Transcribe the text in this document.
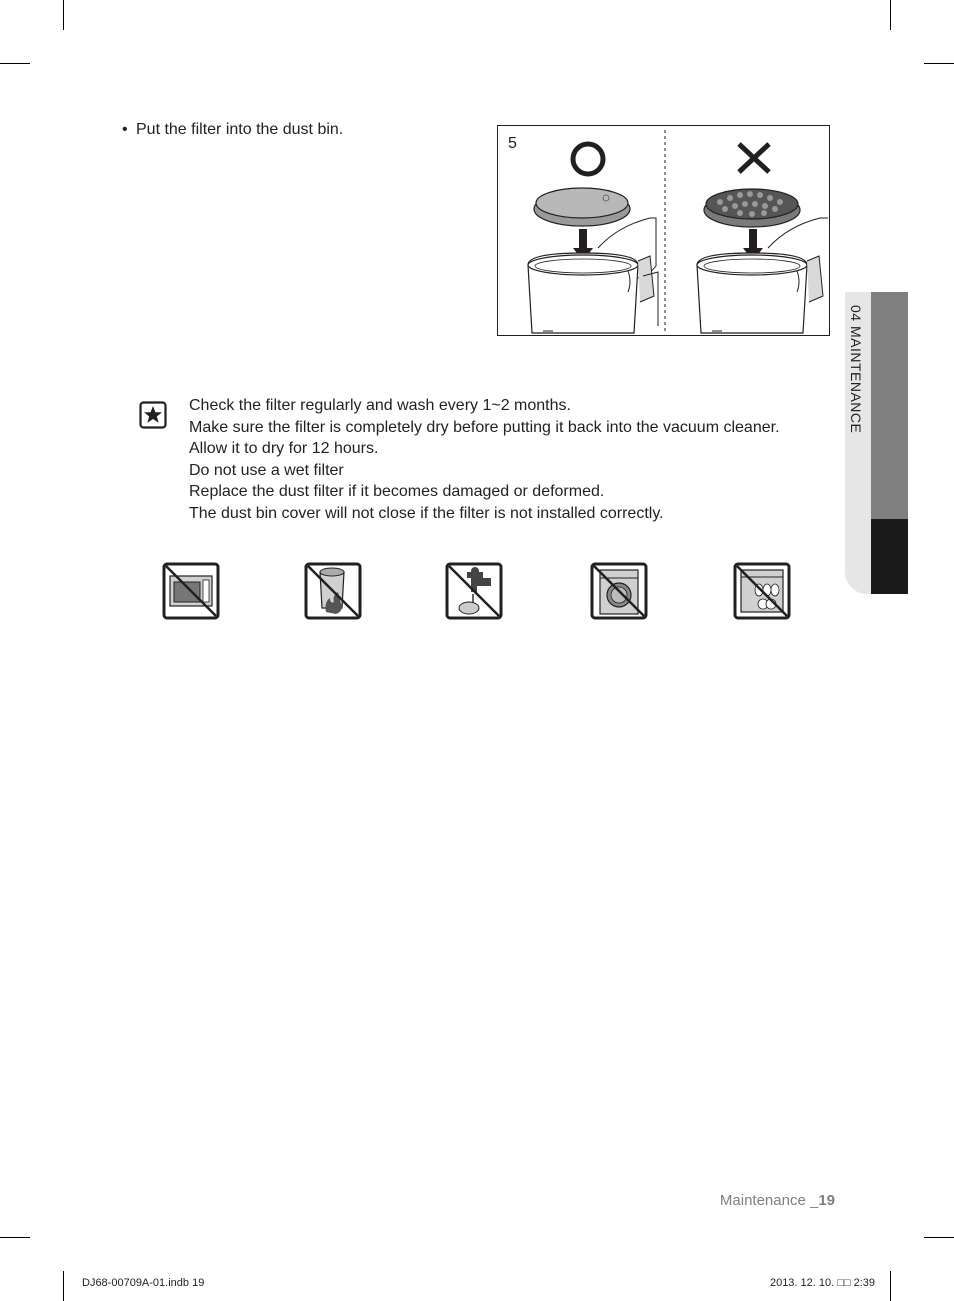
• Put the filter into the dust bin.
5
Check the filter regularly and wash every 1~2 months.
Make sure the filter is completely dry before putting it back into the vacuum cleaner.
Allow it to dry for 12 hours.
Do not use a wet filter
Replace the dust filter if it becomes damaged or deformed.
The dust bin cover will not close if the filter is not installed correctly.
04 MAINTENANCE
Maintenance _19
DJ68-00709A-01.indb 19	2013. 12. 10. □□ 2:39
